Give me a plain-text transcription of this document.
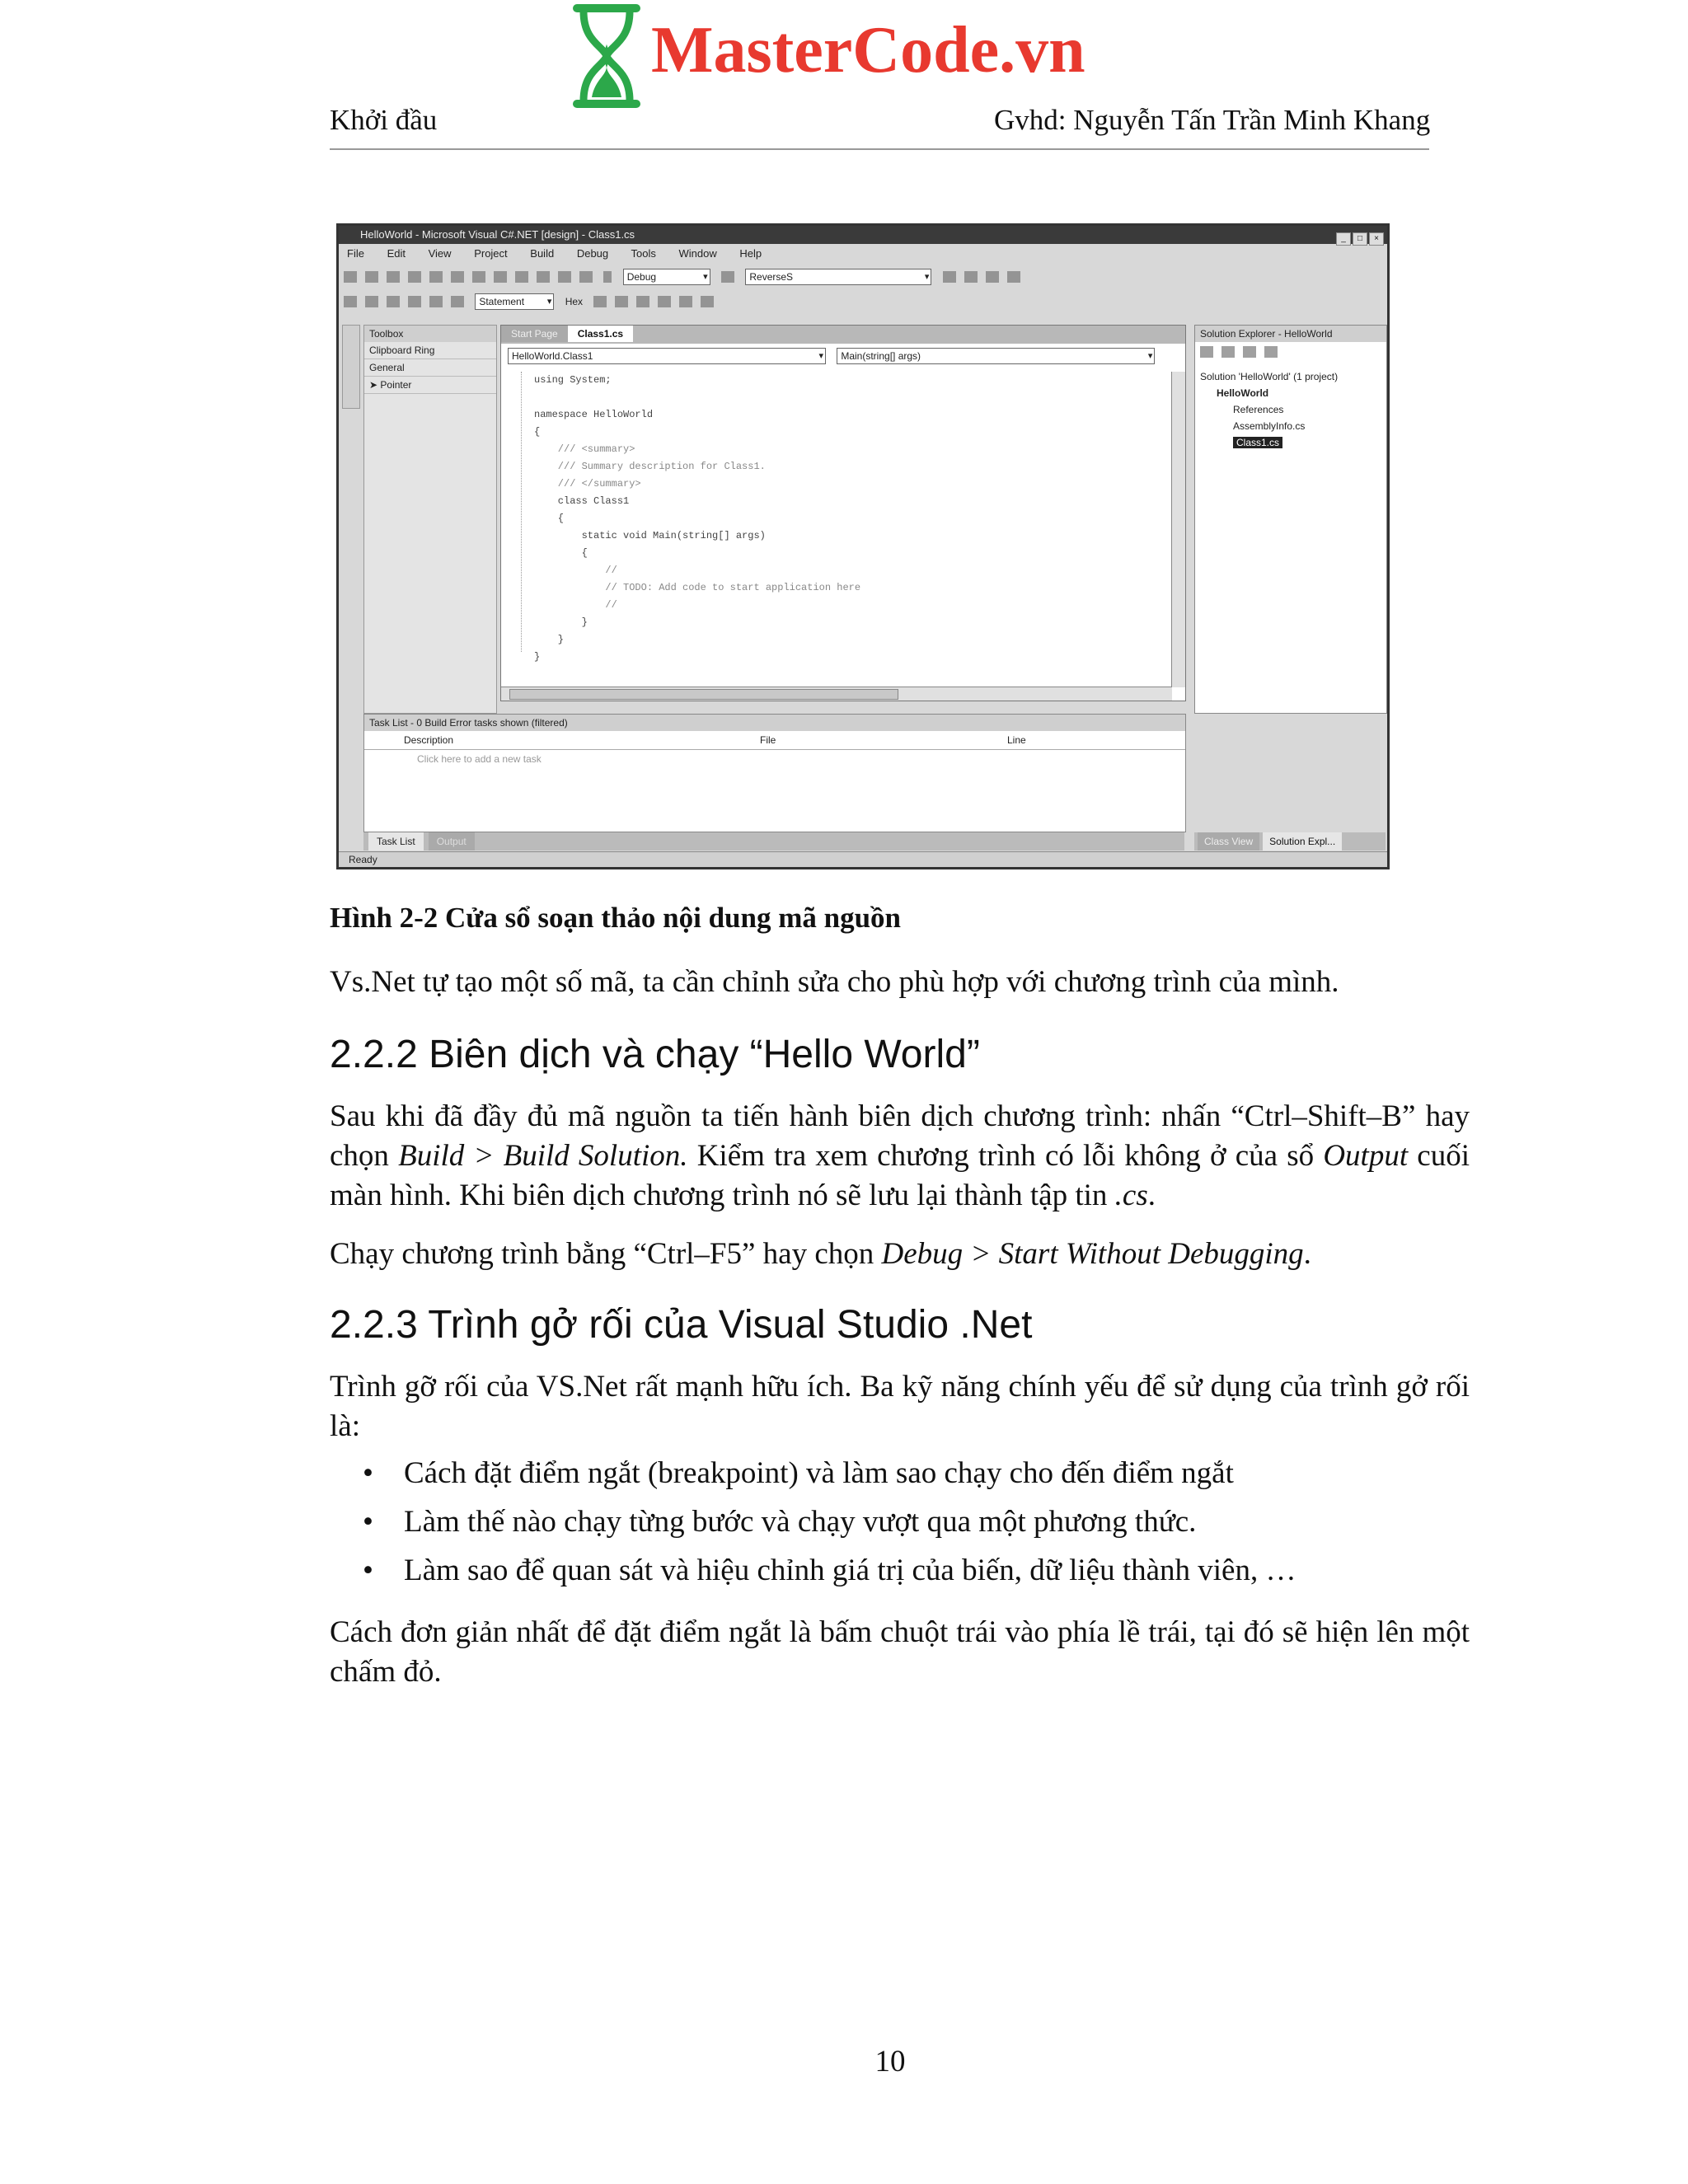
MasterCode.vn
Khởi đầu	Gvhd: Nguyễn Tấn Trần Minh Khang
HelloWorld - Microsoft Visual C#.NET [design] - Class1.cs	_ □ ×
File Edit View Project Build Debug Tools Window Help
Debug ▾	ReverseS ▾
Statement ▾	Hex
Toolbox
Clipboard Ring
General
➤ Pointer
Start Page Class1.cs
HelloWorld.Class1 ▾	Main(string[] args) ▾
using System;

namespace HelloWorld
{
/// <summary>
/// Summary description for Class1.
/// </summary>
class Class1
{
static void Main(string[] args)
{
//
// TODO: Add code to start application here
//
}
}
}
Solution Explorer - HelloWorld
Solution 'HelloWorld' (1 project)
HelloWorld
References
AssemblyInfo.cs
Class1.cs
Task List - 0 Build Error tasks shown (filtered)
Description	File	Line
Click here to add a new task
Task List Output	Class View Solution Expl...
Ready
Hình 2-2 Cửa sổ soạn thảo nội dung mã nguồn
Vs.Net tự tạo một số mã, ta cần chỉnh sửa cho phù hợp với chương trình của mình.
2.2.2 Biên dịch và chạy “Hello World”
Sau khi đã đầy đủ mã nguồn ta tiến hành biên dịch chương trình: nhấn “Ctrl–Shift–B” hay chọn Build > Build Solution. Kiểm tra xem chương trình có lỗi không ở của sổ Output cuối màn hình. Khi biên dịch chương trình nó sẽ lưu lại thành tập tin .cs.
Chạy chương trình bằng “Ctrl–F5” hay chọn Debug > Start Without Debugging.
2.2.3 Trình gở rối của Visual Studio .Net
Trình gỡ rối của VS.Net rất mạnh hữu ích. Ba kỹ năng chính yếu để sử dụng của trình gở rối là:
• Cách đặt điểm ngắt (breakpoint) và làm sao chạy cho đến điểm ngắt
• Làm thế nào chạy từng bước và chạy vượt qua một phương thức.
• Làm sao để quan sát và hiệu chỉnh giá trị của biến, dữ liệu thành viên, …
Cách đơn giản nhất để đặt điểm ngắt là bấm chuột trái vào phía lề trái, tại đó sẽ hiện lên một chấm đỏ.
10
